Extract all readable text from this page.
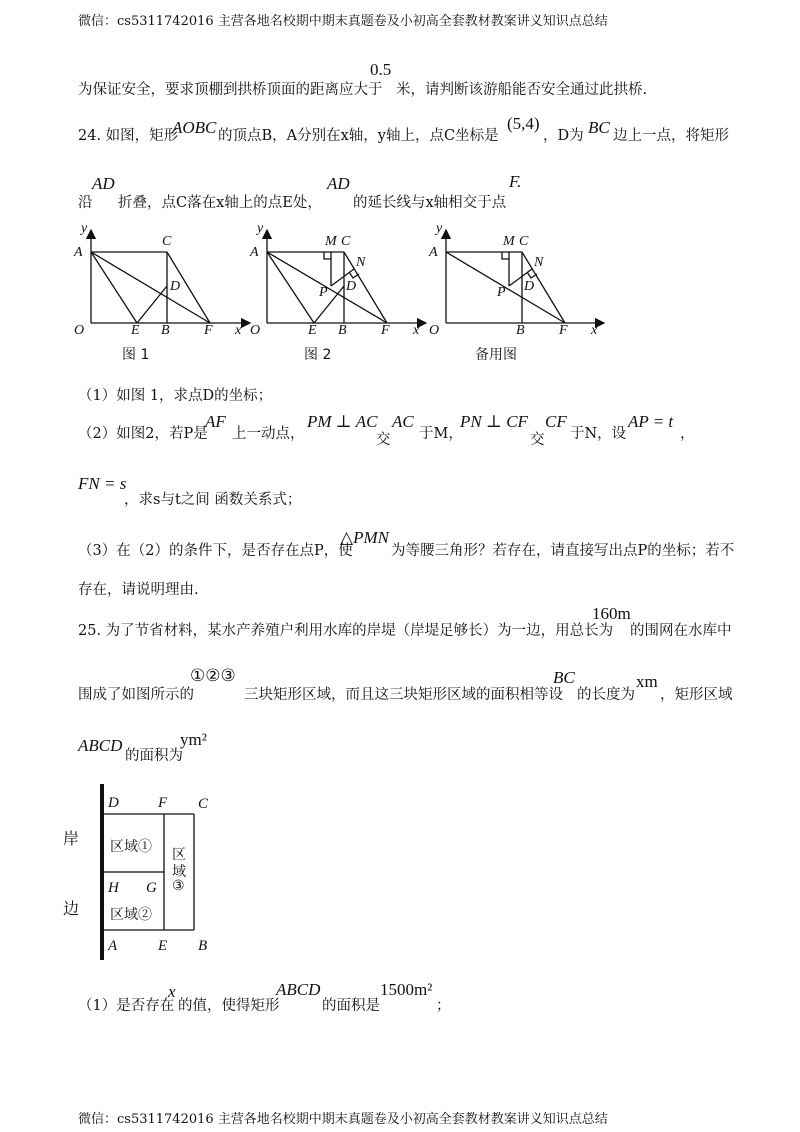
微信：cs5311742016 主营各地名校期中期末真题卷及小初高全套教材教案讲义知识点总结
为保证安全，要求顶棚到拱桥顶面的距离应大于
0.5
米，请判断该游船能否安全通过此拱桥.
24. 如图，矩形
AOBC 的顶点B，A分别在x轴，y轴上，点C坐标是
(5,4)
，D为 BC 边上一点，将矩形
沿
AD
折叠，点C落在x轴上的点E处，
AD
的延长线与x轴相交于点
F.
y
A
C
D
O	E B F x
y
A
M C
N
D
P
O	E B F x
y
A
M C
N
D
P
O	B F x
图 1	图 2	备用图
（1）如图 1，求点D的坐标；
（2）如图2，若P是
AF
上一动点，
PM ⊥ AC
交
AC
于M，
PN ⊥ CF
交
CF
于N，设
AP = t
，
FN = s
，求s与t之间 函数关系式；
（3）在（2）的条件下，是否存在点P，使
△PMN
为等腰三角形？若存在，请直接写出点P的坐标；若不
存在，请说明理由.
25. 为了节省材料，某水产养殖户利用水库的岸堤（岸堤足够长）为一边，用总长为
160m
的围网在水库中
围成了如图所示的
①②③
三块矩形区域，而且这三块矩形区域的面积相等设
BC
的长度为
xm
，矩形区域
ABCD
的面积为
ym²
D	F C
H G
A	E B
岸
边
区域①
区域②
区
域
③
（1）是否存在
x
的值，使得矩形
ABCD
的面积是
1500m²
；
微信：cs5311742016 主营各地名校期中期末真题卷及小初高全套教材教案讲义知识点总结
